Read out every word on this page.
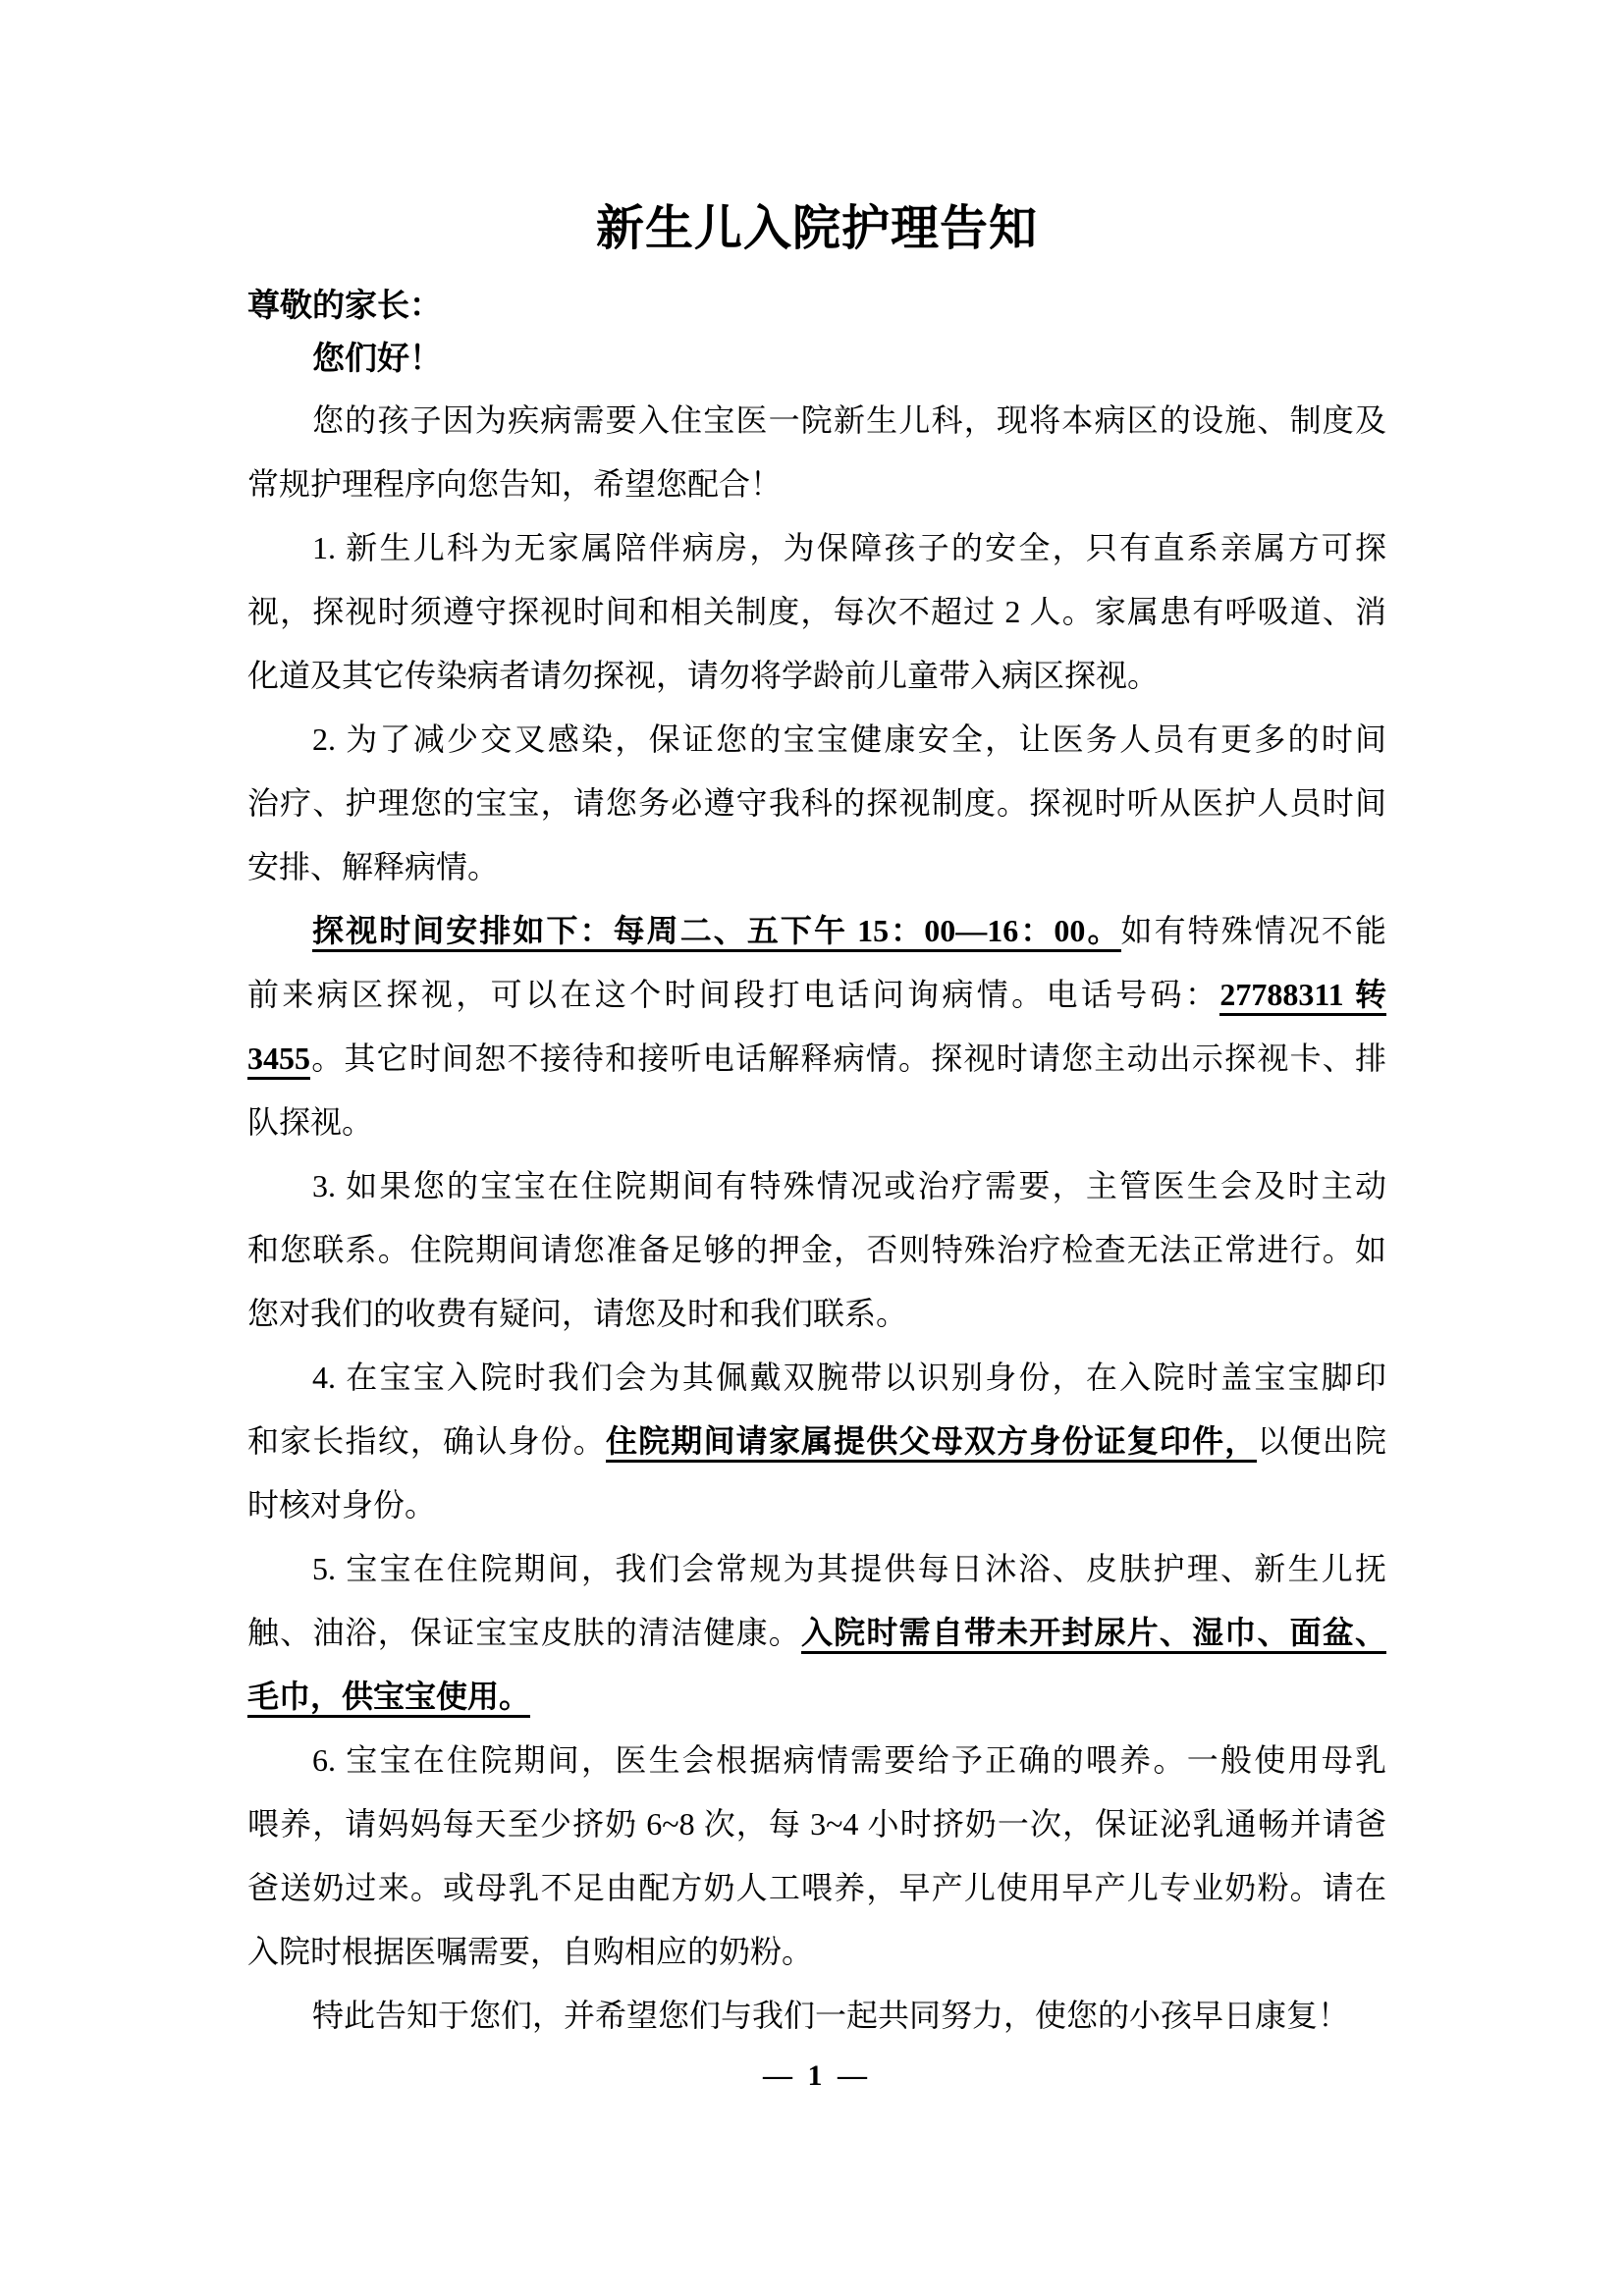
新生儿入院护理告知
尊敬的家长：
您们好！
您的孩子因为疾病需要入住宝医一院新生儿科，现将本病区的设施、制度及
常规护理程序向您告知，希望您配合！
1. 新生儿科为无家属陪伴病房，为保障孩子的安全，只有直系亲属方可探
视，探视时须遵守探视时间和相关制度，每次不超过 2 人。家属患有呼吸道、消
化道及其它传染病者请勿探视，请勿将学龄前儿童带入病区探视。
2. 为了减少交叉感染，保证您的宝宝健康安全，让医务人员有更多的时间
治疗、护理您的宝宝，请您务必遵守我科的探视制度。探视时听从医护人员时间
安排、解释病情。
探视时间安排如下：每周二、五下午 15：00—16：00。如有特殊情况不能
前来病区探视，可以在这个时间段打电话问询病情。电话号码：27788311 转
3455。其它时间恕不接待和接听电话解释病情。探视时请您主动出示探视卡、排
队探视。
3. 如果您的宝宝在住院期间有特殊情况或治疗需要，主管医生会及时主动
和您联系。住院期间请您准备足够的押金，否则特殊治疗检查无法正常进行。如
您对我们的收费有疑问，请您及时和我们联系。
4. 在宝宝入院时我们会为其佩戴双腕带以识别身份，在入院时盖宝宝脚印
和家长指纹，确认身份。住院期间请家属提供父母双方身份证复印件，以便出院
时核对身份。
5. 宝宝在住院期间，我们会常规为其提供每日沐浴、皮肤护理、新生儿抚
触、油浴，保证宝宝皮肤的清洁健康。入院时需自带未开封尿片、湿巾、面盆、
毛巾，供宝宝使用。
6. 宝宝在住院期间，医生会根据病情需要给予正确的喂养。一般使用母乳
喂养，请妈妈每天至少挤奶 6~8 次，每 3~4 小时挤奶一次，保证泌乳通畅并请爸
爸送奶过来。或母乳不足由配方奶人工喂养，早产儿使用早产儿专业奶粉。请在
入院时根据医嘱需要，自购相应的奶粉。
特此告知于您们，并希望您们与我们一起共同努力，使您的小孩早日康复！
— 1 —
